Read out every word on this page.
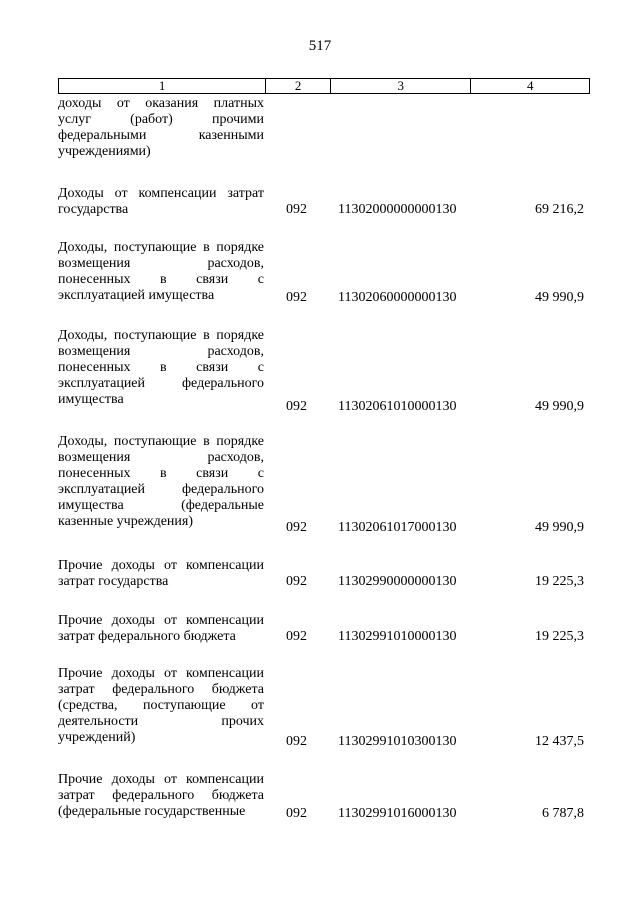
517
1	2	3	4
доходы от оказания платных услуг (работ) прочими федеральными казенными учреждениями)
Доходы от компенсации затрат государства	092	11302000000000130	69 216,2
Доходы, поступающие в порядке возмещения расходов, понесенных в связи с эксплуатацией имущества	092	11302060000000130	49 990,9
Доходы, поступающие в порядке возмещения расходов, понесенных в связи с эксплуатацией федерального имущества	092	11302061010000130	49 990,9
Доходы, поступающие в порядке возмещения расходов, понесенных в связи с эксплуатацией федерального имущества (федеральные казенные учреждения)	092	11302061017000130	49 990,9
Прочие доходы от компенсации затрат государства	092	11302990000000130	19 225,3
Прочие доходы от компенсации затрат федерального бюджета	092	11302991010000130	19 225,3
Прочие доходы от компенсации затрат федерального бюджета (средства, поступающие от деятельности прочих учреждений)	092	11302991010300130	12 437,5
Прочие доходы от компенсации затрат федерального бюджета (федеральные государственные	092	11302991016000130	6 787,8
